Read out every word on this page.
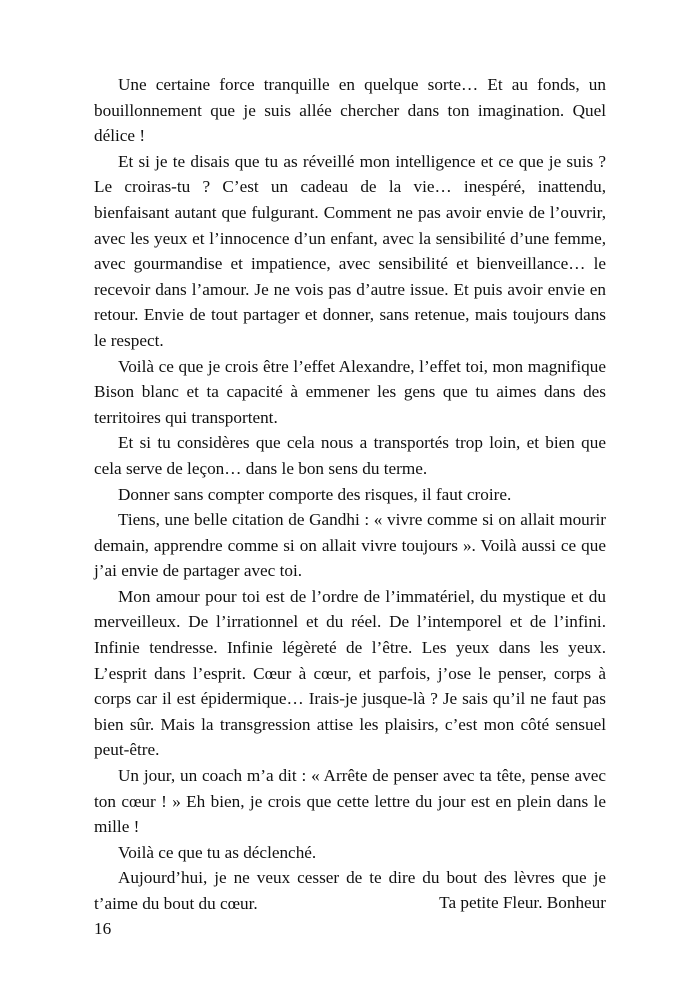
Une certaine force tranquille en quelque sorte… Et au fonds, un bouillonnement que je suis allée chercher dans ton imagination. Quel délice !

Et si je te disais que tu as réveillé mon intelligence et ce que je suis ? Le croiras-tu ? C’est un cadeau de la vie… inespéré, inattendu, bienfaisant autant que fulgurant. Comment ne pas avoir envie de l’ouvrir, avec les yeux et l’innocence d’un enfant, avec la sensibilité d’une femme, avec gourmandise et impatience, avec sensibilité et bienveillance… le recevoir dans l’amour. Je ne vois pas d’autre issue. Et puis avoir envie en retour. Envie de tout partager et donner, sans retenue, mais toujours dans le respect.

Voilà ce que je crois être l’effet Alexandre, l’effet toi, mon magnifique Bison blanc et ta capacité à emmener les gens que tu aimes dans des territoires qui transportent.

Et si tu considères que cela nous a transportés trop loin, et bien que cela serve de leçon… dans le bon sens du terme.

Donner sans compter comporte des risques, il faut croire.

Tiens, une belle citation de Gandhi : « vivre comme si on allait mourir demain, apprendre comme si on allait vivre toujours ». Voilà aussi ce que j’ai envie de partager avec toi.

Mon amour pour toi est de l’ordre de l’immatériel, du mystique et du merveilleux. De l’irrationnel et du réel. De l’intemporel et de l’infini. Infinie tendresse. Infinie légèreté de l’être. Les yeux dans les yeux. L’esprit dans l’esprit. Cœur à cœur, et parfois, j’ose le penser, corps à corps car il est épidermique… Irais-je jusque-là ? Je sais qu’il ne faut pas bien sûr. Mais la transgression attise les plaisirs, c’est mon côté sensuel peut-être.

Un jour, un coach m’a dit : « Arrête de penser avec ta tête, pense avec ton cœur ! » Eh bien, je crois que cette lettre du jour est en plein dans le mille !

Voilà ce que tu as déclenché.

Aujourd’hui, je ne veux cesser de te dire du bout des lèvres que je t’aime du bout du cœur.	Ta petite Fleur. Bonheur
16
